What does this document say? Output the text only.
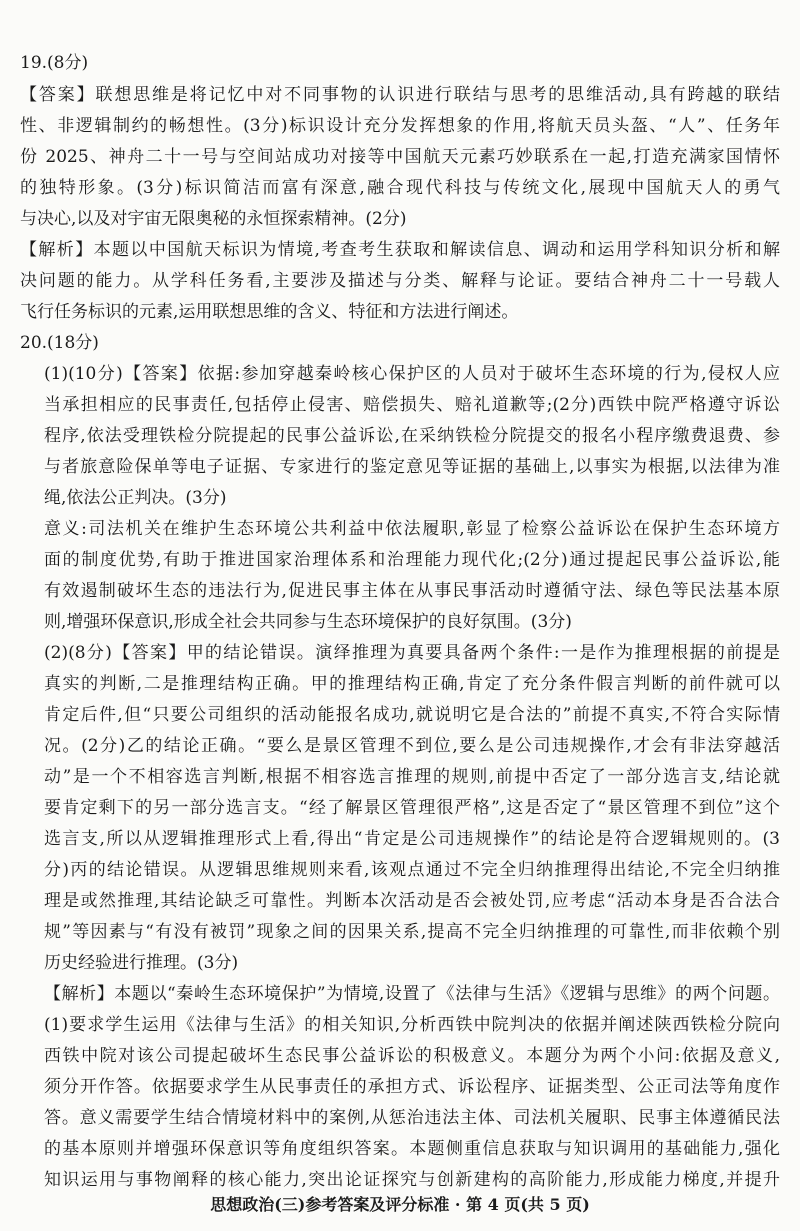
19.(8分)
【答案】联想思维是将记忆中对不同事物的认识进行联结与思考的思维活动,具有跨越的联结
性、非逻辑制约的畅想性。(3分)标识设计充分发挥想象的作用,将航天员头盔、“人”、任务年
份 2025、神舟二十一号与空间站成功对接等中国航天元素巧妙联系在一起,打造充满家国情怀
的独特形象。(3分)标识简洁而富有深意,融合现代科技与传统文化,展现中国航天人的勇气
与决心,以及对宇宙无限奥秘的永恒探索精神。(2分)
【解析】本题以中国航天标识为情境,考查考生获取和解读信息、调动和运用学科知识分析和解
决问题的能力。从学科任务看,主要涉及描述与分类、解释与论证。要结合神舟二十一号载人
飞行任务标识的元素,运用联想思维的含义、特征和方法进行阐述。
20.(18分)
(1)(10分)【答案】依据:参加穿越秦岭核心保护区的人员对于破坏生态环境的行为,侵权人应
当承担相应的民事责任,包括停止侵害、赔偿损失、赔礼道歉等;(2分)西铁中院严格遵守诉讼
程序,依法受理铁检分院提起的民事公益诉讼,在采纳铁检分院提交的报名小程序缴费退费、参
与者旅意险保单等电子证据、专家进行的鉴定意见等证据的基础上,以事实为根据,以法律为准
绳,依法公正判决。(3分)
意义:司法机关在维护生态环境公共利益中依法履职,彰显了检察公益诉讼在保护生态环境方
面的制度优势,有助于推进国家治理体系和治理能力现代化;(2分)通过提起民事公益诉讼,能
有效遏制破坏生态的违法行为,促进民事主体在从事民事活动时遵循守法、绿色等民法基本原
则,增强环保意识,形成全社会共同参与生态环境保护的良好氛围。(3分)
(2)(8分)【答案】甲的结论错误。演绎推理为真要具备两个条件:一是作为推理根据的前提是
真实的判断,二是推理结构正确。甲的推理结构正确,肯定了充分条件假言判断的前件就可以
肯定后件,但“只要公司组织的活动能报名成功,就说明它是合法的”前提不真实,不符合实际情
况。(2分)乙的结论正确。“要么是景区管理不到位,要么是公司违规操作,才会有非法穿越活
动”是一个不相容选言判断,根据不相容选言推理的规则,前提中否定了一部分选言支,结论就
要肯定剩下的另一部分选言支。“经了解景区管理很严格”,这是否定了“景区管理不到位”这个
选言支,所以从逻辑推理形式上看,得出“肯定是公司违规操作”的结论是符合逻辑规则的。(3
分)丙的结论错误。从逻辑思维规则来看,该观点通过不完全归纳推理得出结论,不完全归纳推
理是或然推理,其结论缺乏可靠性。判断本次活动是否会被处罚,应考虑“活动本身是否合法合
规”等因素与“有没有被罚”现象之间的因果关系,提高不完全归纳推理的可靠性,而非依赖个别
历史经验进行推理。(3分)
【解析】本题以“秦岭生态环境保护”为情境,设置了《法律与生活》《逻辑与思维》的两个问题。
(1)要求学生运用《法律与生活》的相关知识,分析西铁中院判决的依据并阐述陕西铁检分院向
西铁中院对该公司提起破坏生态民事公益诉讼的积极意义。本题分为两个小问:依据及意义,
须分开作答。依据要求学生从民事责任的承担方式、诉讼程序、证据类型、公正司法等角度作
答。意义需要学生结合情境材料中的案例,从惩治违法主体、司法机关履职、民事主体遵循民法
的基本原则并增强环保意识等角度组织答案。本题侧重信息获取与知识调用的基础能力,强化
知识运用与事物阐释的核心能力,突出论证探究与创新建构的高阶能力,形成能力梯度,并提升
思想政治(三)参考答案及评分标准 · 第 4 页(共 5 页)
